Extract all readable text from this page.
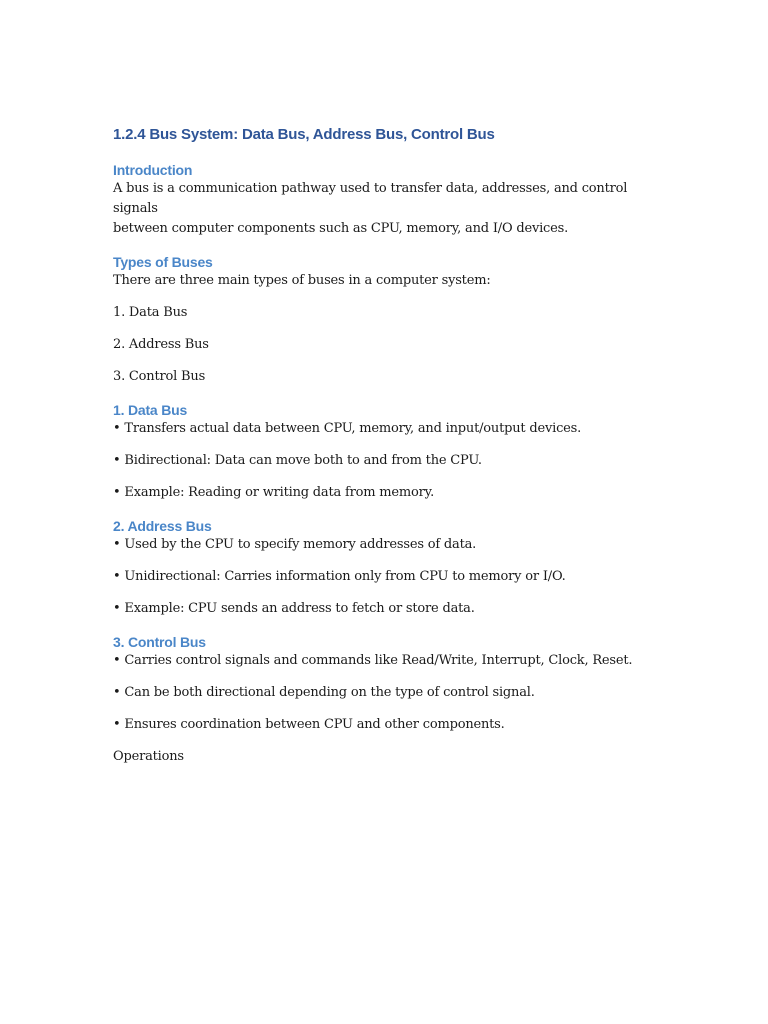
1.2.4 Bus System: Data Bus, Address Bus, Control Bus
Introduction

A bus is a communication pathway used to transfer data, addresses, and control signals

between computer components such as CPU, memory, and I/O devices.

Types of Buses

There are three main types of buses in a computer system:

1. Data Bus

2. Address Bus

3. Control Bus

1. Data Bus

• Transfers actual data between CPU, memory, and input/output devices.

• Bidirectional: Data can move both to and from the CPU.

• Example: Reading or writing data from memory.

2. Address Bus

• Used by the CPU to specify memory addresses of data.

• Unidirectional: Carries information only from CPU to memory or I/O.

• Example: CPU sends an address to fetch or store data.

3. Control Bus

• Carries control signals and commands like Read/Write, Interrupt, Clock, Reset.

• Can be both directional depending on the type of control signal.

• Ensures coordination between CPU and other components.

Operations
